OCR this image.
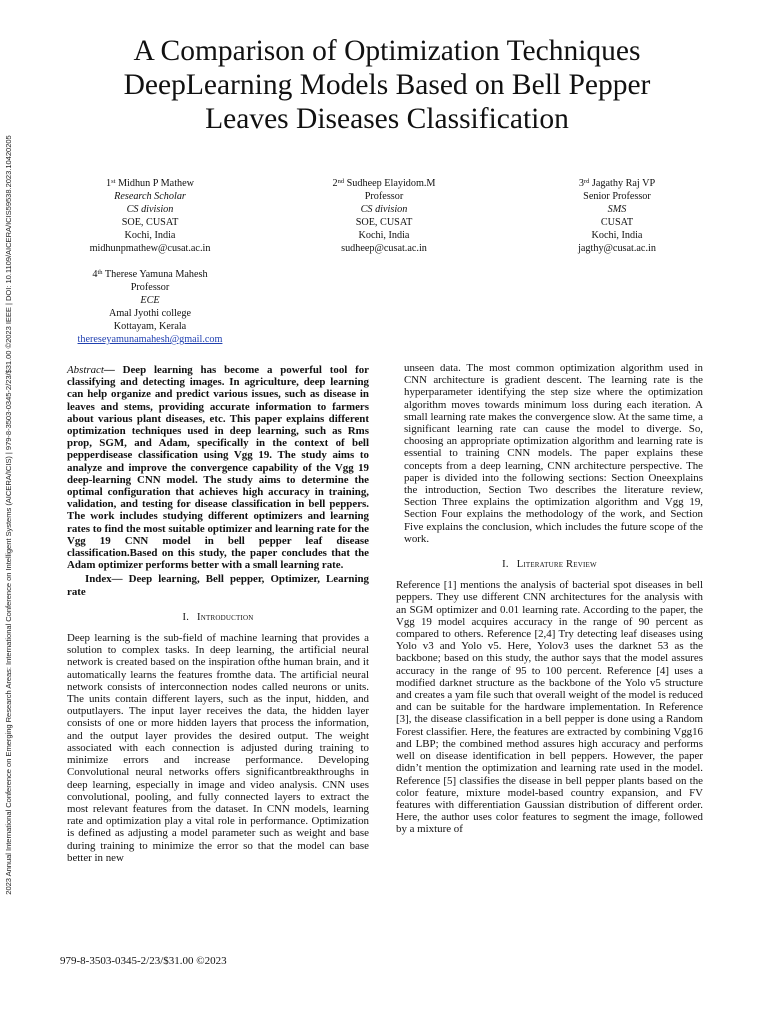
2023 Annual International Conference on Emerging Research Areas: International Conference on Intelligent Systems (AICERA/ICIS) | 979-8-3503-0345-2/23/$31.00 ©2023 IEEE | DOI: 10.1109/AICERA/ICIS59538.2023.10420205
A Comparison of Optimization Techniques
DeepLearning Models Based on Bell Pepper
Leaves Diseases Classification
1st Midhun P Mathew
Research Scholar
CS division
SOE, CUSAT
Kochi, India
midhunpmathew@cusat.ac.in
2nd Sudheep Elayidom.M
Professor
CS division
SOE, CUSAT
Kochi, India
sudheep@cusat.ac.in
3rd Jagathy Raj VP
Senior Professor
SMS
CUSAT
Kochi, India
jagthy@cusat.ac.in
4th Therese Yamuna Mahesh
Professor
ECE
Amal Jyothi college
Kottayam, Kerala
thereseyamunamahesh@gmail.com

Abstract— Deep learning has become a powerful tool for classifying and detecting images. In agriculture, deep learning can help organize and predict various issues, such as disease in leaves and stems, providing accurate information to farmers about various plant diseases, etc. This paper explains different optimization techniques used in deep learning, such as Rms prop, SGM, and Adam, specifically in the context of bell pepperdisease classification using Vgg 19. The study aims to analyze and improve the convergence capability of the Vgg 19 deep-learning CNN model. The study aims to determine the optimal configuration that achieves high accuracy in training, validation, and testing for disease classification in bell peppers. The work includes studying different optimizers and learning rates to find the most suitable optimizer and learning rate for the Vgg 19 CNN model in bell pepper leaf disease classification.Based on this study, the paper concludes that the Adam optimizer performs better with a small learning rate.

Index— Deep learning, Bell pepper, Optimizer, Learning rate

I. Introduction

Deep learning is the sub-field of machine learning that provides a solution to complex tasks. In deep learning, the artificial neural network is created based on the inspiration ofthe human brain, and it automatically learns the features fromthe data. The artificial neural network consists of interconnection nodes called neurons or units. The units contain different layers, such as the input, hidden, and outputlayers. The input layer receives the data, the hidden layer consists of one or more hidden layers that process the information, and the output layer provides the desired output. The weight associated with each connection is adjusted during training to minimize errors and increase performance. Developing Convolutional neural networks offers significantbreakthroughs in deep learning, especially in image and video analysis. CNN uses convolutional, pooling, and fully connected layers to extract the most relevant features from the dataset. In CNN models, learning rate and optimization play a vital role in performance. Optimization is defined as adjusting a model parameter such as weight and base during training to minimize the error so that the model can base better in new

unseen data. The most common optimization algorithm used in CNN architecture is gradient descent. The learning rate is the hyperparameter identifying the step size where the optimization algorithm moves towards minimum loss during each iteration. A small learning rate makes the convergence slow. At the same time, a significant learning rate can cause the model to diverge. So, choosing an appropriate optimization algorithm and learning rate is essential to training CNN models. The paper explains these concepts from a deep learning, CNN architecture perspective. The paper is divided into the following sections: Section Oneexplains the introduction, Section Two describes the literature review, Section Three explains the optimization algorithm and Vgg 19, Section Four explains the methodology of the work, and Section Five explains the conclusion, which includes the future scope of the work.

I. Literature Review

Reference [1] mentions the analysis of bacterial spot diseases in bell peppers. They use different CNN architectures for the analysis with an SGM optimizer and 0.01 learning rate. According to the paper, the Vgg 19 model acquires accuracy in the range of 90 percent as compared to others. Reference [2,4] Try detecting leaf diseases using Yolo v3 and Yolo v5. Here, Yolov3 uses the darknet 53 as the backbone; based on this study, the author says that the model assures accuracy in the range of 95 to 100 percent. Reference [4] uses a modified darknet structure as the backbone of the Yolo v5 structure and creates a yam file such that overall weight of the model is reduced and can be suitable for the hardware implementation. In Reference [3], the disease classification in a bell pepper is done using a Random Forest classifier. Here, the features are extracted by combining Vgg16 and LBP; the combined method assures high accuracy and performs well on disease identification in bell peppers. However, the paper didn’t mention the optimization and learning rate used in the model. Reference [5] classifies the disease in bell pepper plants based on the color feature, mixture model-based country expansion, and FV features with differentiation Gaussian distribution of different order. Here, the author uses color features to segment the image, followed by a mixture of

979-8-3503-0345-2/23/$31.00 ©2023
